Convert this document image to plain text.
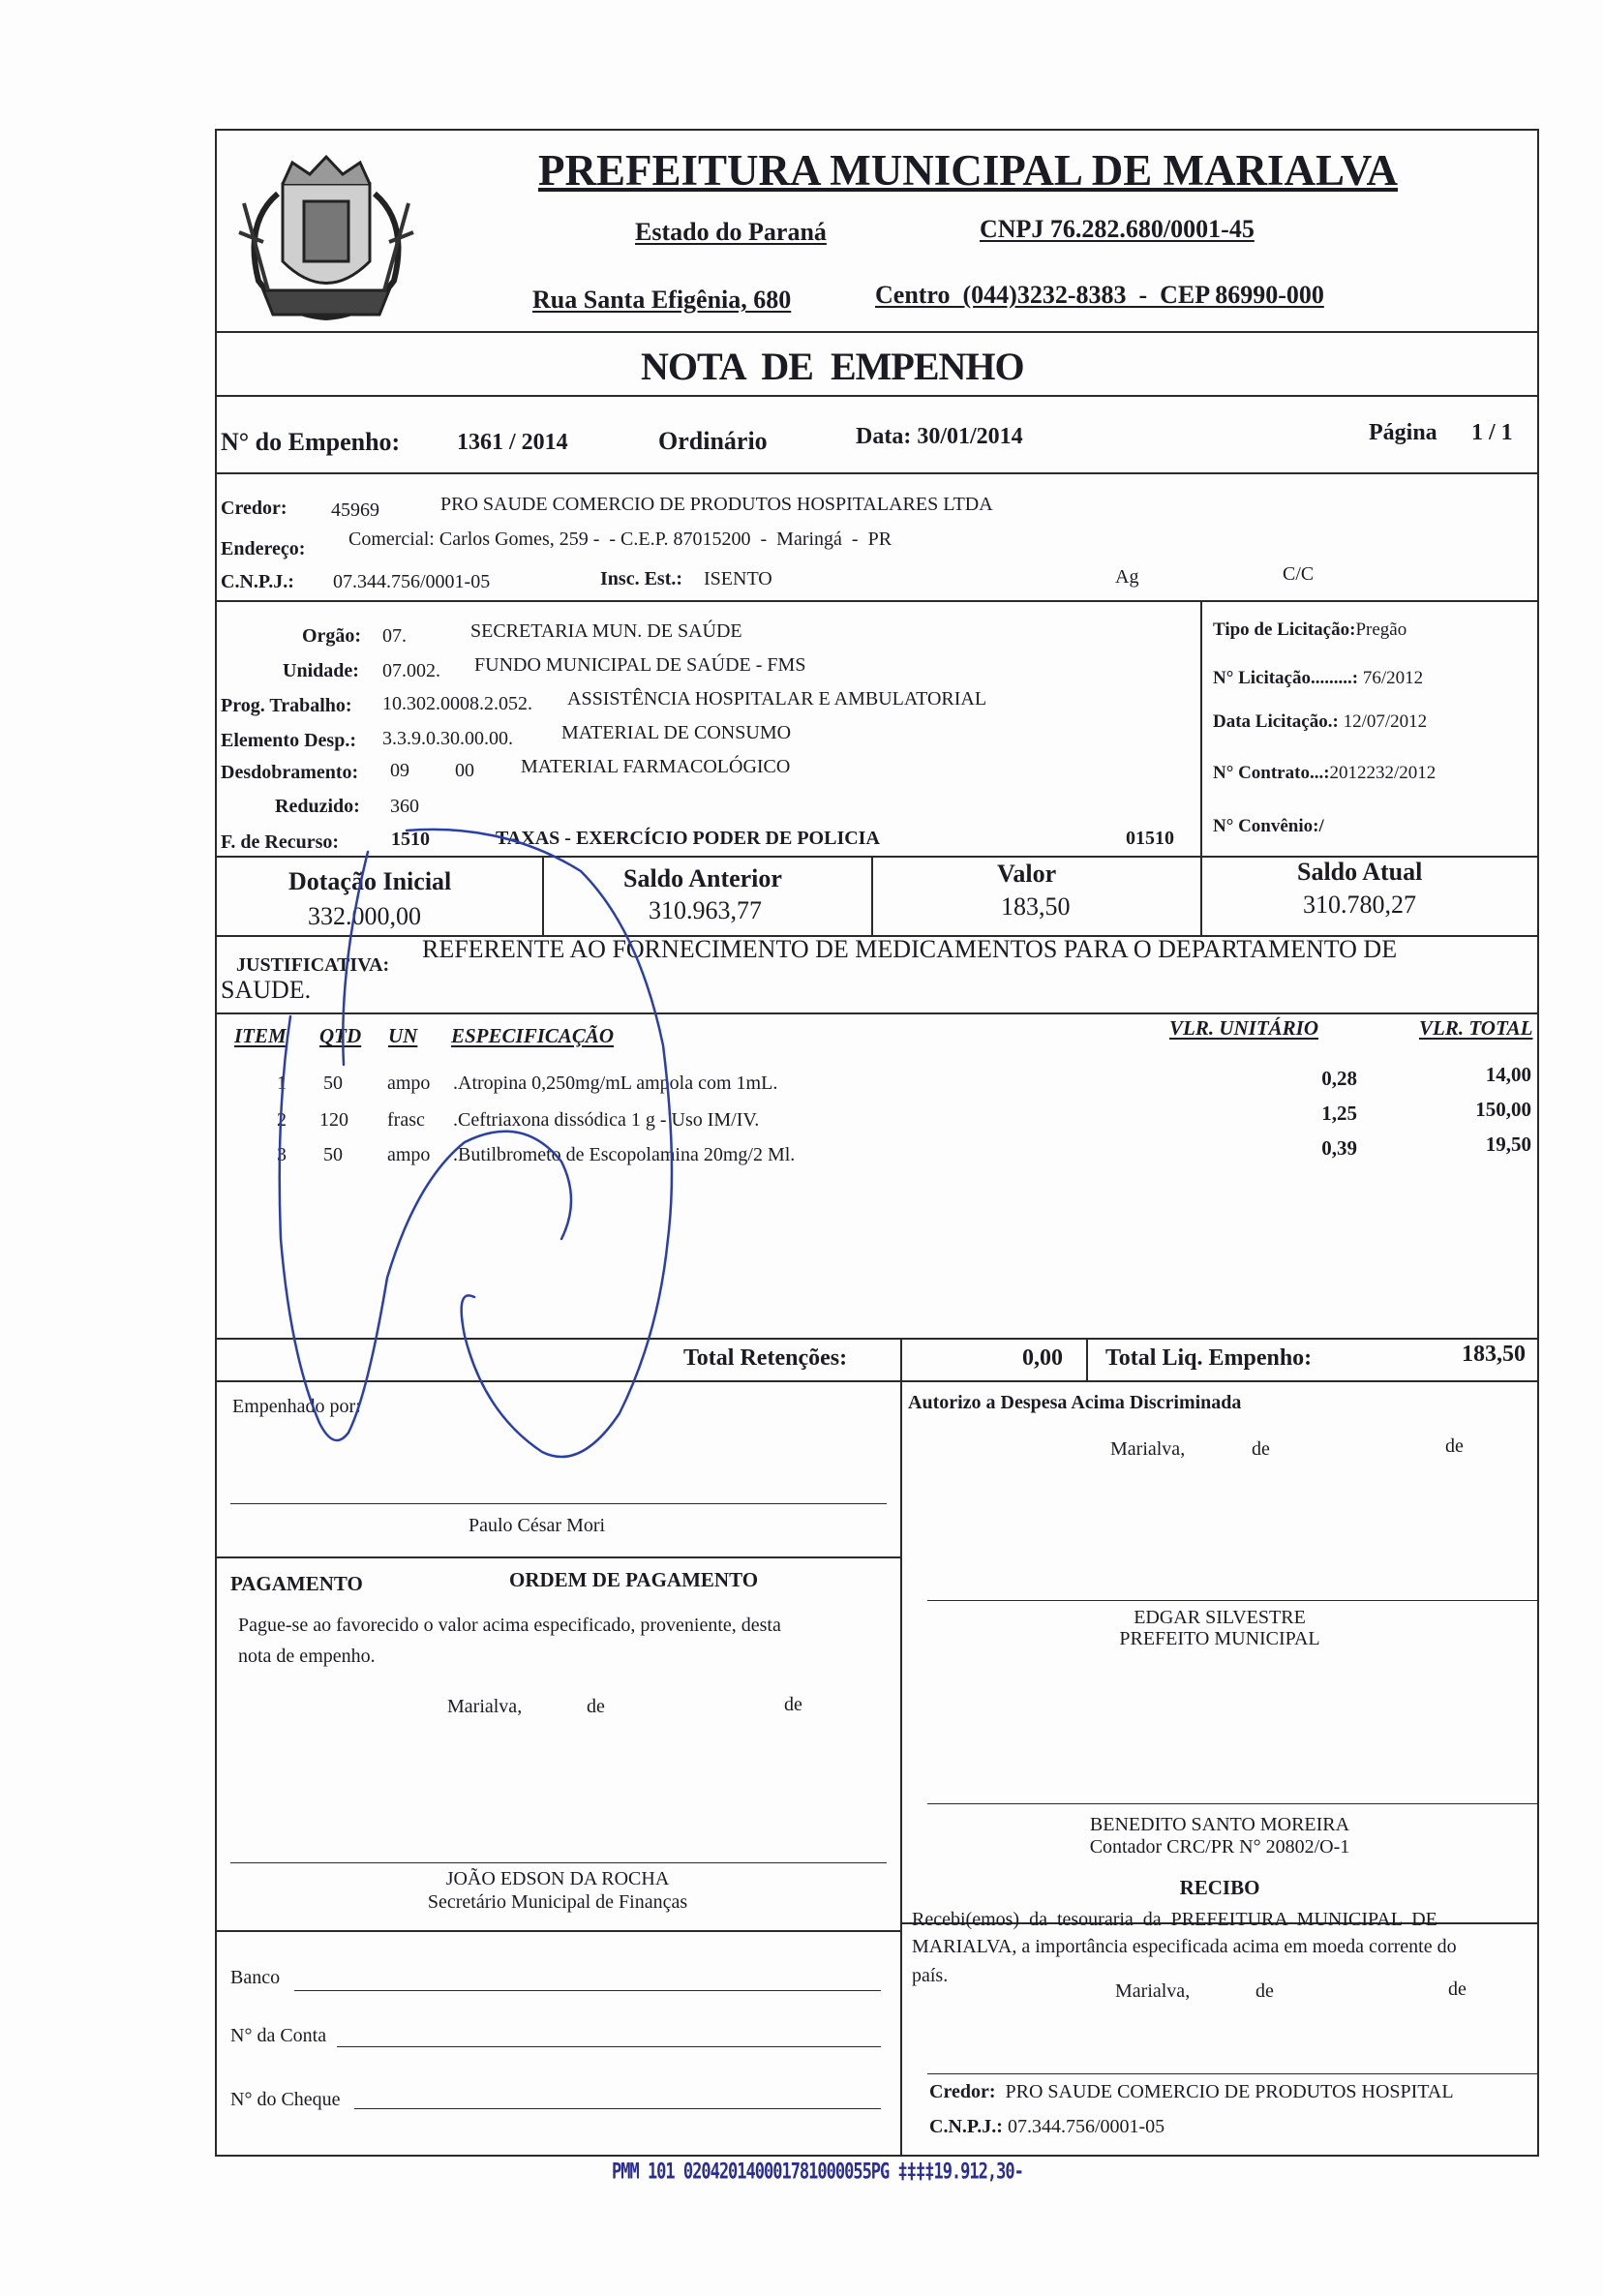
PREFEITURA MUNICIPAL DE MARIALVA
Estado do Paraná	CNPJ 76.282.680/0001-45
Rua Santa Efigênia, 680	Centro  (044)3232-8383  -  CEP 86990-000
NOTA  DE  EMPENHO
N° do Empenho: 1361 / 2014	Ordinário	Data: 30/01/2014	Página 1 / 1
Credor: 45969	PRO SAUDE COMERCIO DE PRODUTOS HOSPITALARES LTDA
Endereço: Comercial: Carlos Gomes, 259 -  - C.E.P. 87015200  -  Maringá  -  PR
C.N.P.J.: 07.344.756/0001-05	Insc. Est.: ISENTO	Ag	C/C
Orgão: 07.	SECRETARIA MUN. DE SAÚDE
Unidade: 07.002. FUNDO MUNICIPAL DE SAÚDE - FMS
Prog. Trabalho: 10.302.0008.2.052. ASSISTÊNCIA HOSPITALAR E AMBULATORIAL
Elemento Desp.: 3.3.9.0.30.00.00.	MATERIAL DE CONSUMO
Desdobramento: 09 00 MATERIAL FARMACOLÓGICO
Reduzido: 360
F. de Recurso:	1510	TAXAS - EXERCÍCIO PODER DE POLICIA	01510
Tipo de Licitação:Pregão
N° Licitação.........: 76/2012
Data Licitação.: 12/07/2012
N° Contrato...:2012232/2012
N° Convênio:/
Dotação Inicial
332.000,00
Saldo Anterior
310.963,77
Valor
183,50
Saldo Atual
310.780,27
JUSTIFICATIVA:
REFERENTE AO FORNECIMENTO DE MEDICAMENTOS PARA O DEPARTAMENTO DE
SAUDE.
ITEM QTD UN ESPECIFICAÇÃO	VLR. UNITÁRIO	VLR. TOTAL
1 50 ampo .Atropina 0,250mg/mL ampola com 1mL.	0,28	14,00
2 120 frasc .Ceftriaxona dissódica 1 g - Uso IM/IV.	1,25	150,00
3 50 ampo .Butilbrometo de Escopolamina 20mg/2 Ml.	0,39	19,50
Total Retenções:	0,00 Total Liq. Empenho:	183,50
Empenhado por:
Paulo César Mori
Autorizo a Despesa Acima Discriminada
Marialva,	de	de
PAGAMENTO	ORDEM DE PAGAMENTO
Pague-se ao favorecido o valor acima especificado, proveniente, desta
nota de empenho.
Marialva,	de	de
EDGAR SILVESTRE
PREFEITO MUNICIPAL
BENEDITO SANTO MOREIRA
Contador CRC/PR N° 20802/O-1
JOÃO EDSON DA ROCHA
Secretário Municipal de Finanças
RECIBO
Recebi(emos)  da  tesouraria  da  PREFEITURA  MUNICIPAL  DE
MARIALVA, a importância especificada acima em moeda corrente do
país.
Marialva,	de	de
Banco
N° da Conta
N° do Cheque	Credor: PRO SAUDE COMERCIO DE PRODUTOS HOSPITAL
C.N.P.J.: 07.344.756/0001-05
PMM 101 020420140001781000055PG ‡‡‡‡19.912,30-
